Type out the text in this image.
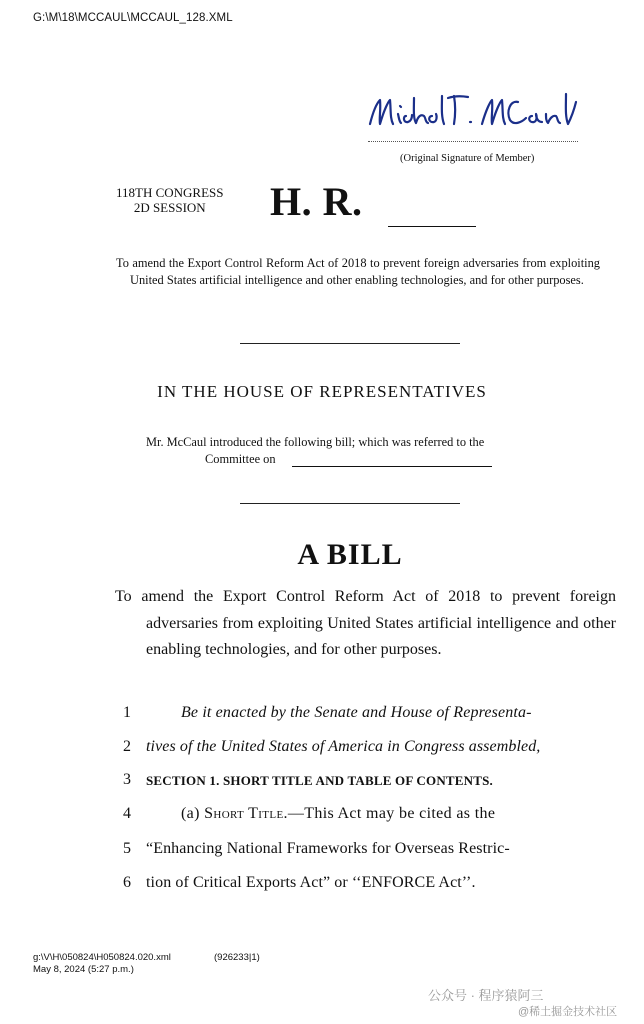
G:\M\18\MCCAUL\MCCAUL_128.XML
(Original Signature of Member)
118TH CONGRESS
2D SESSION	H. R.
To amend the Export Control Reform Act of 2018 to prevent foreign adversaries from exploiting United States artificial intelligence and other enabling technologies, and for other purposes.
IN THE HOUSE OF REPRESENTATIVES
Mr. McCaul introduced the following bill; which was referred to the
Committee on
A BILL
To amend the Export Control Reform Act of 2018 to prevent foreign adversaries from exploiting United States artificial intelligence and other enabling technologies, and for other purposes.
1	Be it enacted by the Senate and House of Representa-
2 tives of the United States of America in Congress assembled,
3	SECTION 1. SHORT TITLE AND TABLE OF CONTENTS.
4	(a) Short Title.—This Act may be cited as the
5 “Enhancing National Frameworks for Overseas Restric-
6 tion of Critical Exports Act” or ‘‘ENFORCE Act’’.
g:\V\H\050824\H050824.020.xml	(926233|1)
May 8, 2024 (5:27 p.m.)
公众号 · 程序猿阿三
@稀土掘金技术社区
